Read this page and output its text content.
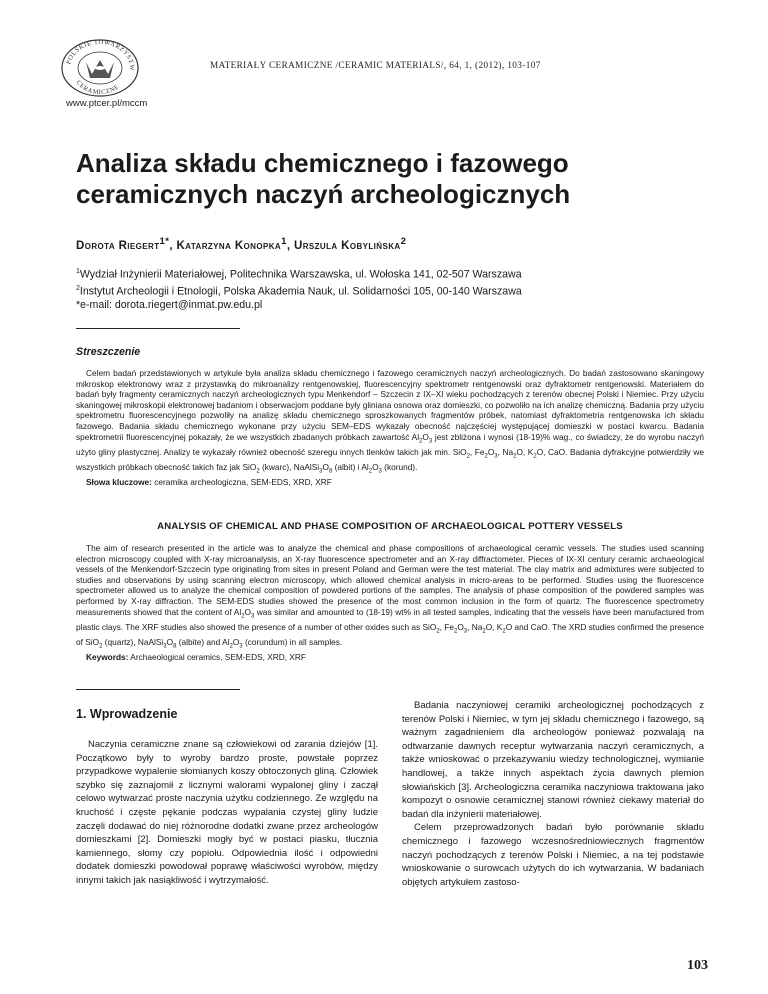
POLSKIE TOWARZYSTW
CERAMICZNE
MATERIAŁY CERAMICZNE /CERAMIC MATERIALS/, 64, 1, (2012), 103-107
www.ptcer.pl/mccm
Analiza składu chemicznego i fazowego
ceramicznych naczyń archeologicznych
Dorota Riegert$^{1*}$, Katarzyna Konopka$^1$, Urszula Kobylińska$^2$
$^1$Wydział Inżynierii Materiałowej, Politechnika Warszawska, ul. Wołoska 141, 02-507 Warszawa
$^2$Instytut Archeologii i Etnologii, Polska Akademia Nauk, ul. Solidarności 105, 00-140 Warszawa
*e-mail: dorota.riegert@inmat.pw.edu.pl
Streszczenie
Celem badań przedstawionych w artykule była analiza składu chemicznego i fazowego ceramicznych naczyń archeologicznych. Do badań zastosowano skaningowy mikroskop elektronowy wraz z przystawką do mikroanalizy rentgenowskiej, fluorescencyjny spektrometr rentgenowski oraz dyfraktometr rentgenowski. Materiałem do badań były fragmenty ceramicznych naczyń archeologicznych typu Menkendorf – Szczecin z IX–XI wieku pochodzących z terenów obecnej Polski i Niemiec. Przy użyciu skaningowej mikroskopii elektronowej badaniom i obserwacjom poddane były gliniana osnowa oraz domieszki, co pozwoliło na ich analizę chemiczną. Badania przy użyciu spektrometru fluorescencyjnego pozwoliły na analizę składu chemicznego sproszkowanych fragmentów próbek, natomiast dyfraktometria rentgenowska ich składu fazowego. Badania składu chemicznego wykonane przy użyciu SEM–EDS wykazały obecność najczęściej występującej domieszki w postaci kwarcu. Badania spektrometrii fluorescencyjnej pokazały, że we wszystkich zbadanych próbkach zawartość $Al_2O_3$ jest zbliżona i wynosi (18-19)% wag., co świadczy, że do wyrobu naczyń użyto gliny plastycznej. Analizy te wykazały również obecność szeregu innych tlenków takich jak min. SiO$_2$, $Fe_2O_3$, $Na_2O$, $K_2O$, CaO. Badania dyfrakcyjne potwierdziły we wszystkich próbkach obecność takich faz jak SiO$_2$ (kwarc), $NaAlSi_3O_8$ (albit) i $Al_2O_3$ (korund).
Słowa kluczowe: ceramika archeologiczna, SEM-EDS, XRD, XRF
ANALYSIS OF CHEMICAL AND PHASE COMPOSITION OF ARCHAEOLOGICAL POTTERY VESSELS
The aim of research presented in the article was to analyze the chemical and phase compositions of archaeological ceramic vessels. The studies used scanning electron microscopy coupled with X-ray microanalysis, an X-ray fluorescence spectrometer and an X-ray diffractometer. Pieces of IX-XI century ceramic archaeological vessels of the Menkendorf-Szczecin type originating from sites in present Poland and German were the test material. The clay matrix and admixtures were subjected to studies and observations by using scanning electron microscopy, which allowed chemical analysis in micro-areas to be performed. Studies using the fluorescence spectrometer allowed us to analyze the chemical composition of powdered portions of the samples. The analysis of phase composition of the powdered samples was performed by X-ray diffraction. The SEM-EDS studies showed the presence of the most common inclusion in the form of quartz. The fluorescence spectrometry measurements showed that the content of $Al_2O_3$ was similar and amounted to (18-19) wt% in all tested samples, indicating that the vessels have been manufactured from plastic clays. The XRF studies also showed the presence of a number of other oxides such as SiO$_2$, $Fe_2O_3$, $Na_2O$, $K_2O$ and CaO. The XRD studies confirmed the presence of SiO$_2$ (quartz), $NaAlSi_3O_8$ (albite) and $Al_2O_3$ (corundum) in all samples.
Keywords: Archaeological ceramics, SEM-EDS, XRD, XRF
1. Wprowadzenie

Naczynia ceramiczne znane są człowiekowi od zarania dziejów [1]. Początkowo były to wyroby bardzo proste, powstałe poprzez przypadkowe wypalenie słomianych koszy obtoczonych gliną. Człowiek szybko się zaznajomił z licznymi walorami wypalonej gliny i zaczął celowo wytwarzać proste naczynia użytku codziennego. Ze względu na kruchość i częste pękanie podczas wypalania czystej gliny ludzie zaczęli dodawać do niej różnorodne dodatki zwane przez archeologów domieszkami [2]. Domieszki mogły być w postaci piasku, tłucznia kamiennego, słomy czy popiołu. Odpowiednia ilość i odpowiedni dodatek domieszki powodował poprawę właściwości wyrobów, między innymi takich jak nasiąkliwość i wytrzymałość.

Badania naczyniowej ceramiki archeologicznej pochodzących z terenów Polski i Niemiec, w tym jej składu chemicznego i fazowego, są ważnym zagadnieniem dla archeologów ponieważ pozwalają na odtwarzanie dawnych receptur wytwarzania naczyń ceramicznych, a także wnioskować o przekazywaniu wiedzy technologicznej, wymianie handlowej, a także innych aspektach życia dawnych plemion słowiańskich [3]. Archeologiczna ceramika naczyniowa traktowana jako kompozyt o osnowie ceramicznej stanowi również ciekawy materiał do badań dla inżynierii materiałowej.

Celem przeprowadzonych badań było porównanie składu chemicznego i fazowego wczesnośredniowiecznych fragmentów naczyń pochodzących z terenów Polski i Niemiec, a na tej podstawie wnioskowanie o surowcach użytych do ich wytwarzania. W badaniach objętych artykułem zastoso-

103
